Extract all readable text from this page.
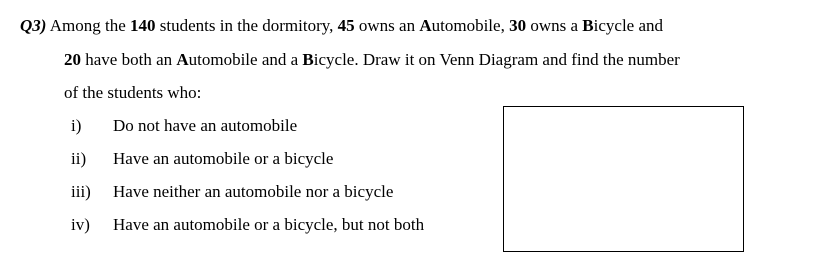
Q3) Among the 140 students in the dormitory, 45 owns an Automobile, 30 owns a Bicycle and
20 have both an Automobile and a Bicycle. Draw it on Venn Diagram and find the number
of the students who:
i) Do not have an automobile
ii) Have an automobile or a bicycle
iii) Have neither an automobile nor a bicycle
iv) Have an automobile or a bicycle, but not both
